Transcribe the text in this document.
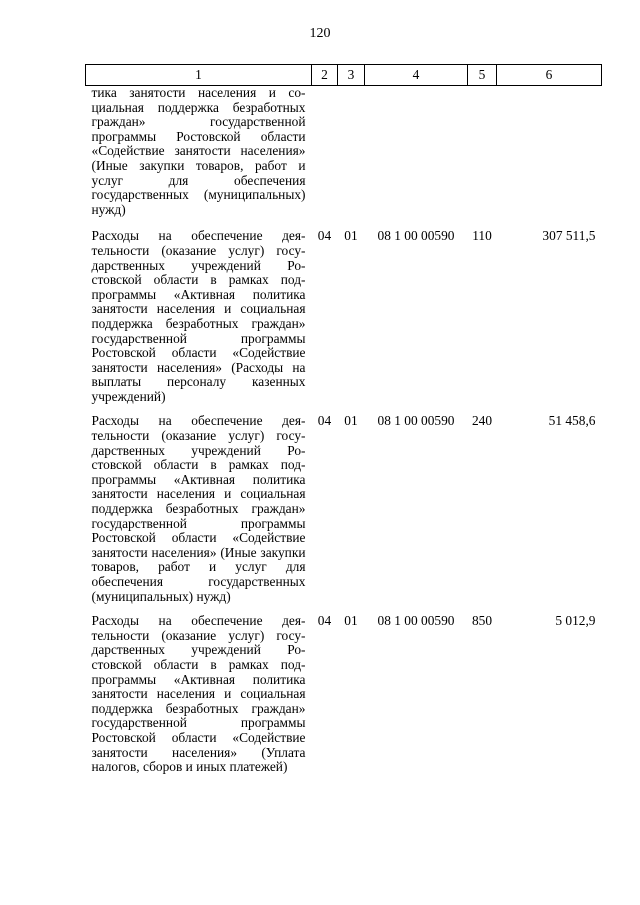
120
1	2	3	4	5	6
тика занятости населения и социальная поддержка безработных граждан» государственной программы Ростовской области «Содействие занятости населения» (Иные закупки товаров, работ и услуг для обеспечения государственных (муниципальных) нужд)					
Расходы на обеспечение деятельности (оказание услуг) государственных учреждений Ростовской области в рамках подпрограммы «Активная политика занятости населения и социальная поддержка безработных граждан» государственной программы Ростовской области «Содействие занятости населения» (Расходы на выплаты персоналу казенных учреждений)	04	01	08 1 00 00590	110	307 511,5
Расходы на обеспечение деятельности (оказание услуг) государственных учреждений Ростовской области в рамках подпрограммы «Активная политика занятости населения и социальная поддержка безработных граждан» государственной программы Ростовской области «Содействие занятости населения» (Иные закупки товаров, работ и услуг для обеспечения государственных (муниципальных) нужд)	04	01	08 1 00 00590	240	51 458,6
Расходы на обеспечение деятельности (оказание услуг) государственных учреждений Ростовской области в рамках подпрограммы «Активная политика занятости населения и социальная поддержка безработных граждан» государственной программы Ростовской области «Содействие занятости населения» (Уплата налогов, сборов и иных платежей)	04	01	08 1 00 00590	850	5 012,9
